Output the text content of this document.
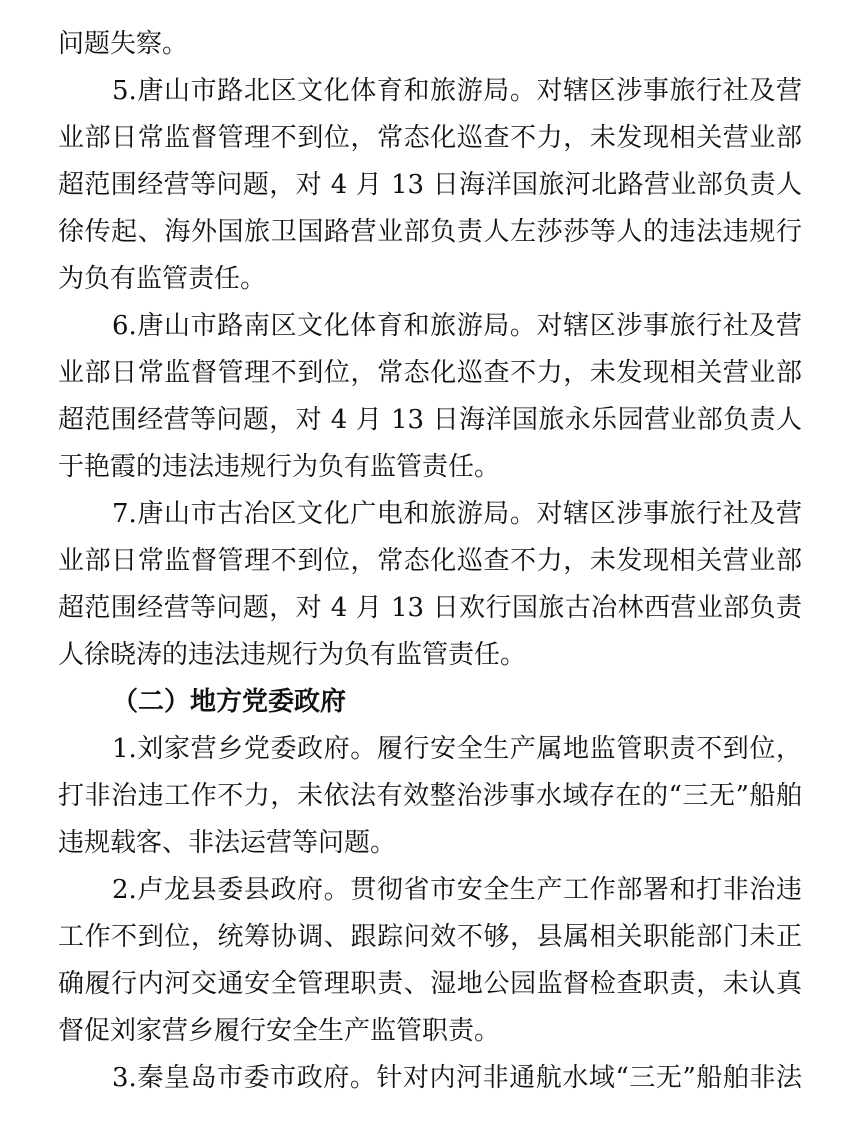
问题失察。
5.唐山市路北区文化体育和旅游局。对辖区涉事旅行社及营
业部日常监督管理不到位，常态化巡查不力，未发现相关营业部
超范围经营等问题，对 4 月 13 日海洋国旅河北路营业部负责人
徐传起、海外国旅卫国路营业部负责人左莎莎等人的违法违规行
为负有监管责任。
6.唐山市路南区文化体育和旅游局。对辖区涉事旅行社及营
业部日常监督管理不到位，常态化巡查不力，未发现相关营业部
超范围经营等问题，对 4 月 13 日海洋国旅永乐园营业部负责人
于艳霞的违法违规行为负有监管责任。
7.唐山市古冶区文化广电和旅游局。对辖区涉事旅行社及营
业部日常监督管理不到位，常态化巡查不力，未发现相关营业部
超范围经营等问题，对 4 月 13 日欢行国旅古冶林西营业部负责
人徐晓涛的违法违规行为负有监管责任。
（二）地方党委政府
1.刘家营乡党委政府。履行安全生产属地监管职责不到位，
打非治违工作不力，未依法有效整治涉事水域存在的“三无”船舶
违规载客、非法运营等问题。
2.卢龙县委县政府。贯彻省市安全生产工作部署和打非治违
工作不到位，统筹协调、跟踪问效不够，县属相关职能部门未正
确履行内河交通安全管理职责、湿地公园监督检查职责，未认真
督促刘家营乡履行安全生产监管职责。
3.秦皇岛市委市政府。针对内河非通航水域“三无”船舶非法
